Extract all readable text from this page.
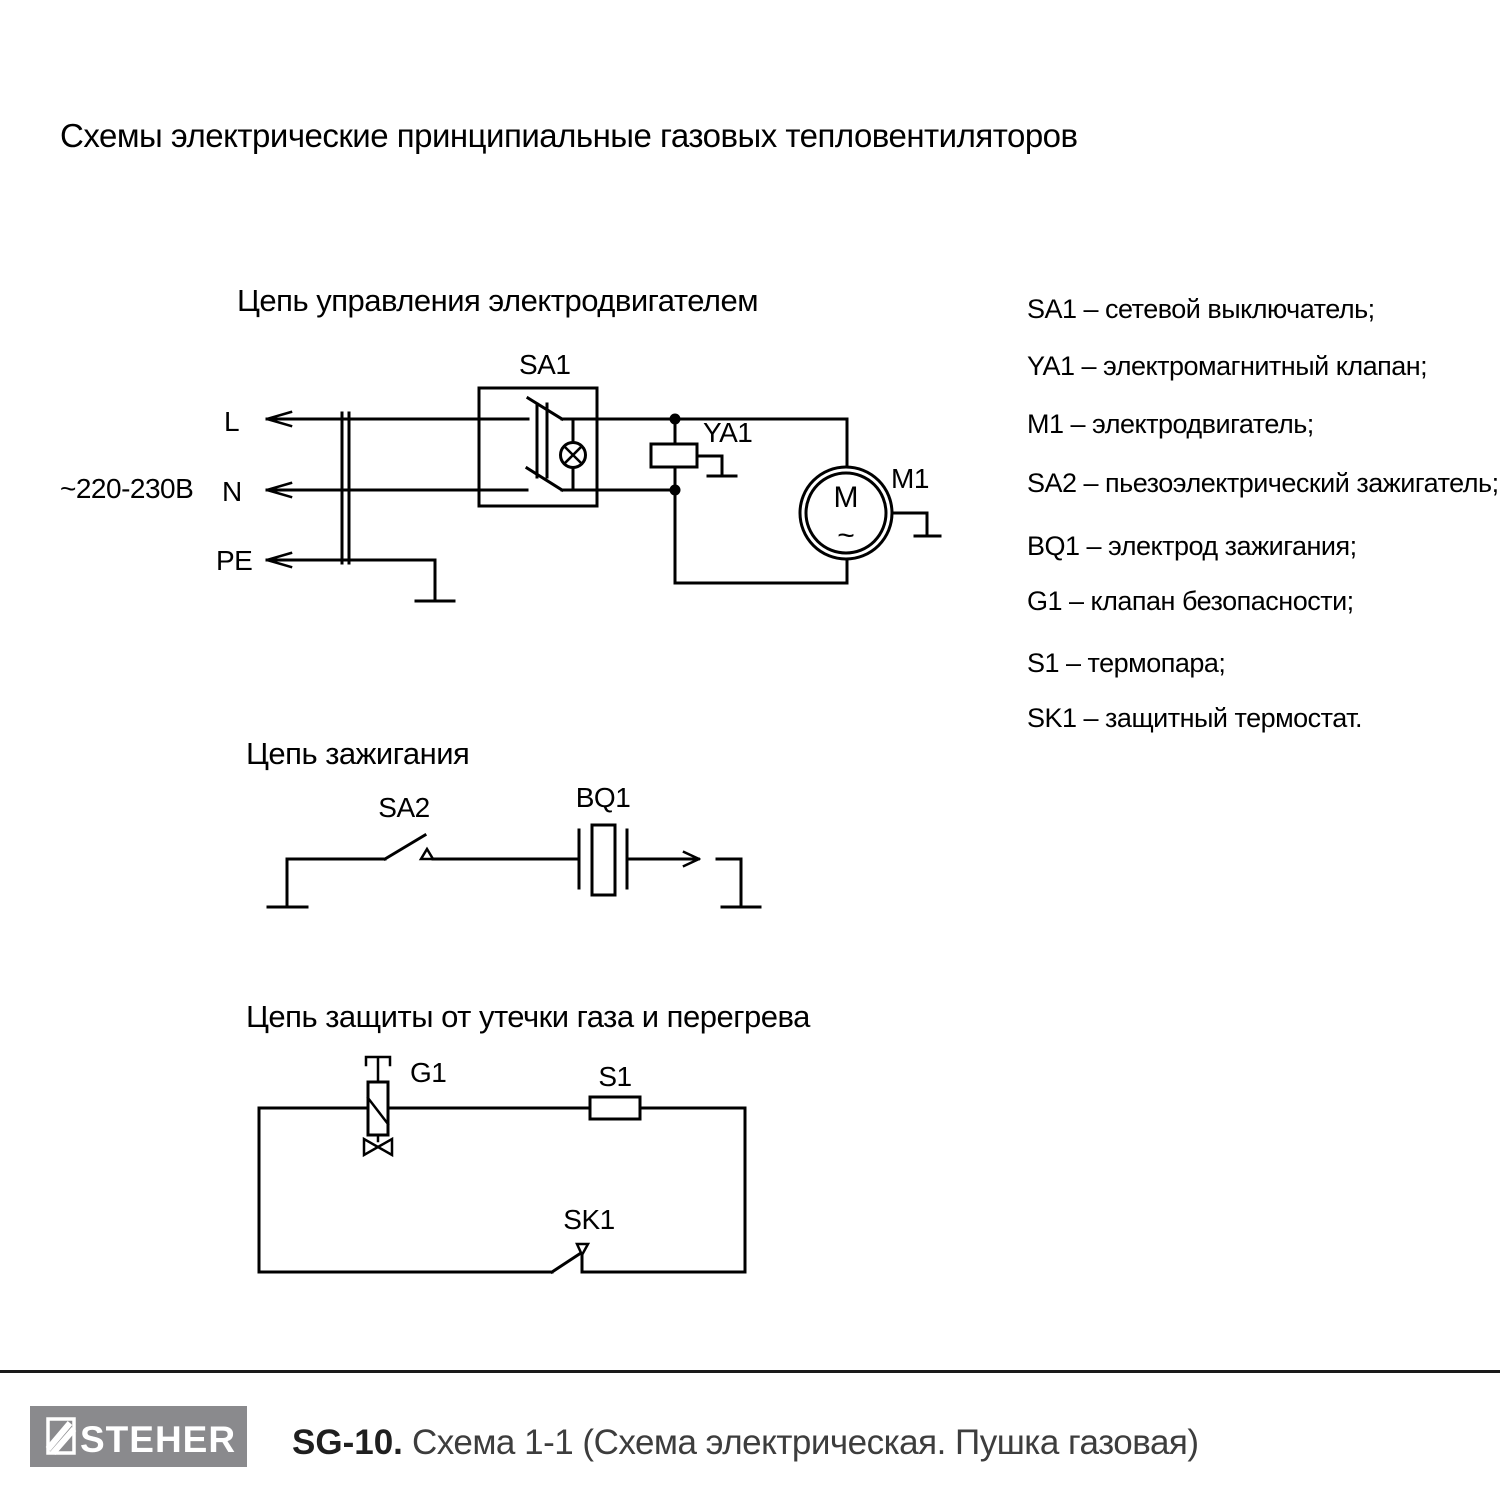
Схемы электрические принципиальные газовых тепловентиляторов
Цепь управления электродвигателем
~220-230В
L
N
PE
SA1
YA1
M
~
M1
Цепь зажигания
SA2	BQ1
Цепь защиты от утечки газа и перегрева
G1	S1
SK1
SA1 – сетевой выключатель;
YA1 – электромагнитный клапан;
M1 – электродвигатель;
SA2 – пьезоэлектрический зажигатель;
BQ1 – электрод зажигания;
G1 – клапан безопасности;
S1 – термопара;
SK1 – защитный термостат.
STEHER SG-10. Схема 1-1 (Схема электрическая. Пушка газовая)
